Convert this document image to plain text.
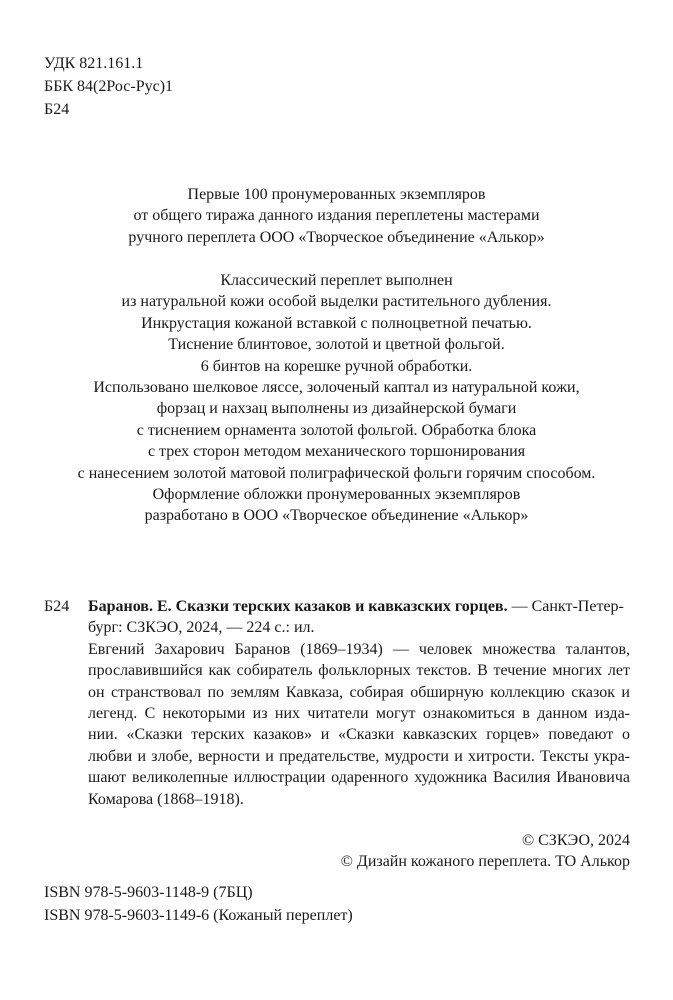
УДК 821.161.1
ББК 84(2Рос-Рус)1
Б24
Первые 100 пронумерованных экземпляров
от общего тиража данного издания переплетены мастерами
ручного переплета ООО «Творческое объединение «Алькор»
Классический переплет выполнен
из натуральной кожи особой выделки растительного дубления.
Инкрустация кожаной вставкой с полноцветной печатью.
Тиснение блинтовое, золотой и цветной фольгой.
6 бинтов на корешке ручной обработки.
Использовано шелковое ляссе, золоченый каптал из натуральной кожи,
форзац и нахзац выполнены из дизайнерской бумаги
с тиснением орнамента золотой фольгой. Обработка блока
с трех сторон методом механического торшонирования
с нанесением золотой матовой полиграфической фольги горячим способом.
Оформление обложки пронумерованных экземпляров
разработано в ООО «Творческое объединение «Алькор»
Б24 Баранов. Е. Сказки терских казаков и кавказских горцев. — Санкт-Петер-
бург: СЗКЭО, 2024, — 224 с.: ил.
Евгений Захарович Баранов (1869–1934) — человек множества талантов,
прославившийся как собиратель фольклорных текстов. В течение многих лет
он странствовал по землям Кавказа, собирая обширную коллекцию сказок и
легенд. С некоторыми из них читатели могут ознакомиться в данном изда-
нии. «Сказки терских казаков» и «Сказки кавказских горцев» поведают о
любви и злобе, верности и предательстве, мудрости и хитрости. Тексты укра-
шают великолепные иллюстрации одаренного художника Василия Ивановича
Комарова (1868–1918).
© СЗКЭО, 2024
© Дизайн кожаного переплета. ТО Алькор
ISBN 978-5-9603-1148-9 (7БЦ)
ISBN 978-5-9603-1149-6 (Кожаный переплет)
